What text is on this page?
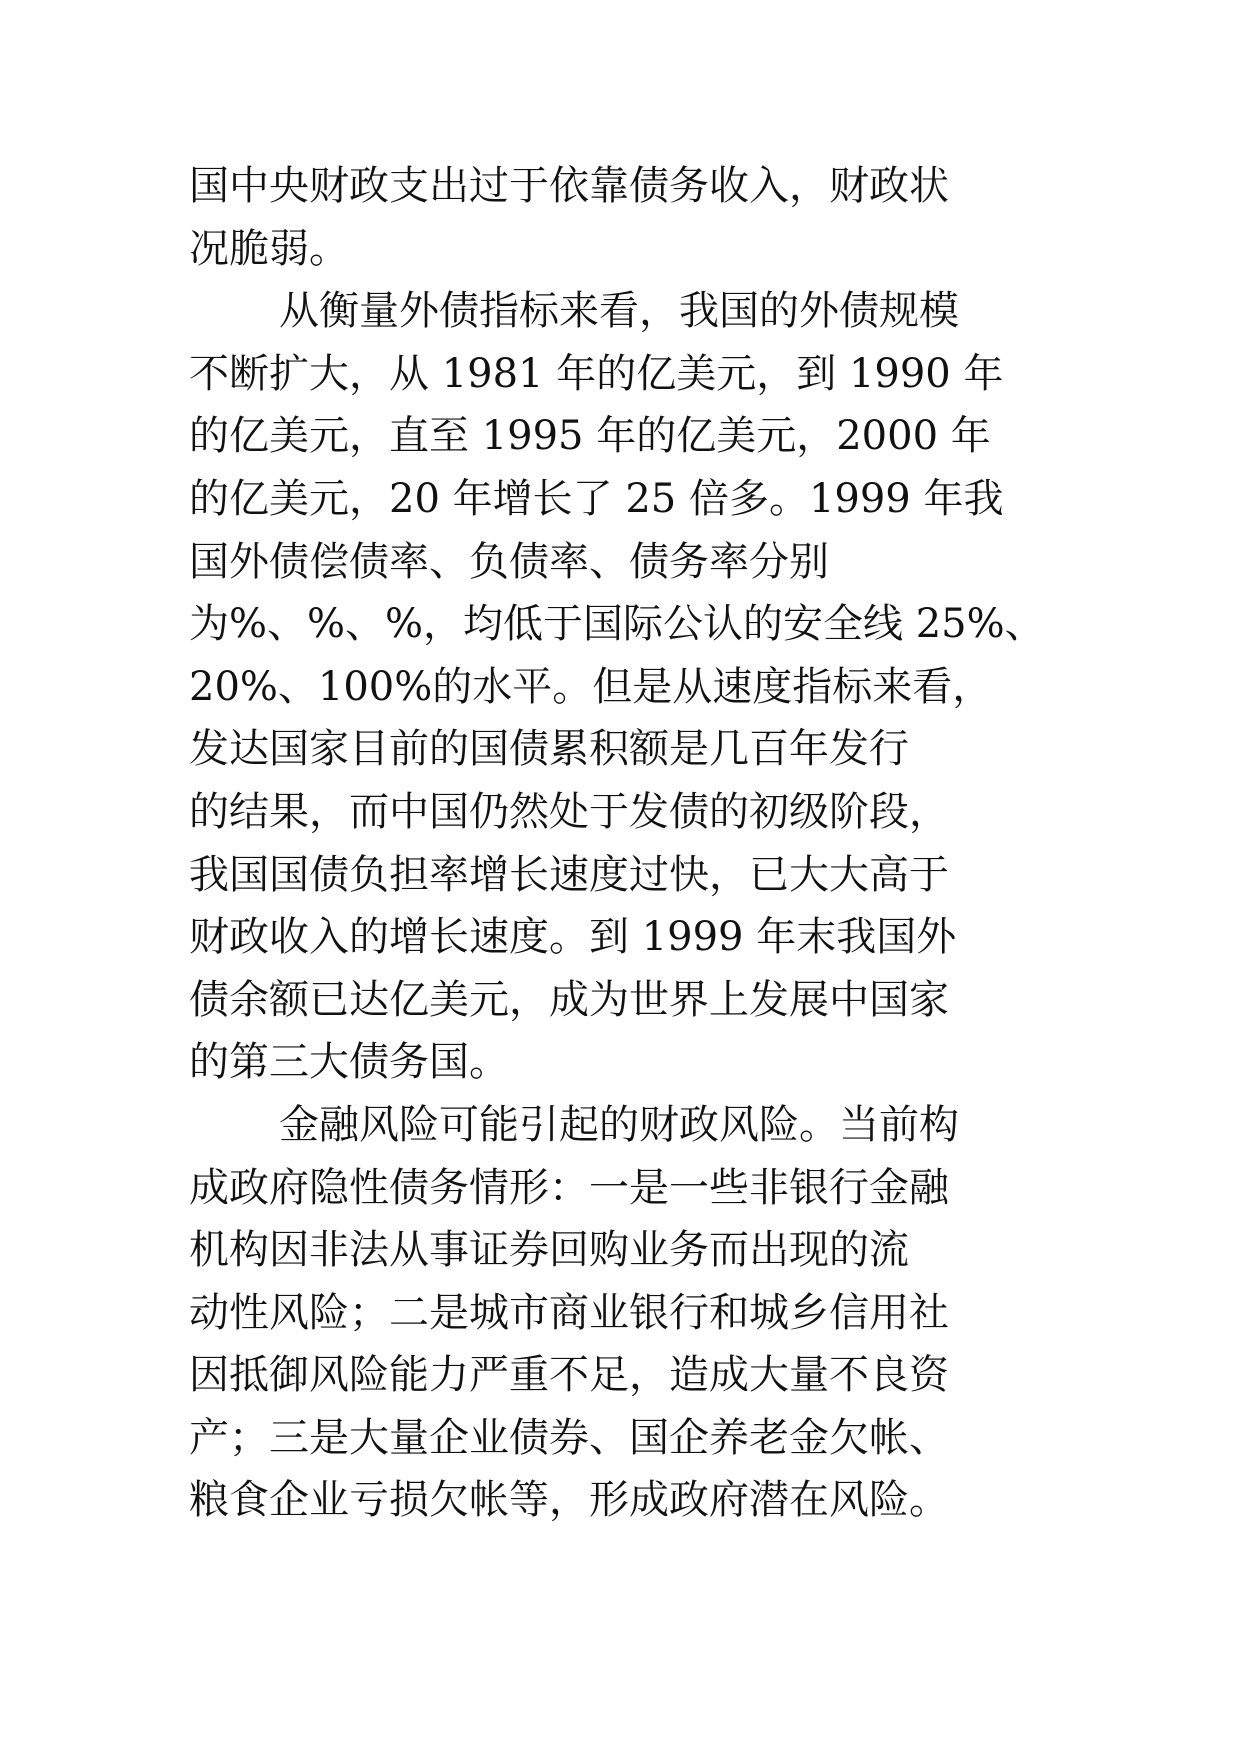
国中央财政支出过于依靠债务收入，财政状
况脆弱。
从衡量外债指标来看，我国的外债规模
不断扩大，从 1981 年的亿美元，到 1990 年
的亿美元，直至 1995 年的亿美元，2000 年
的亿美元，20 年增长了 25 倍多。1999 年我
国外债偿债率、负债率、债务率分别
为%、%、%，均低于国际公认的安全线 25%、
20%、100%的水平。但是从速度指标来看，
发达国家目前的国债累积额是几百年发行
的结果，而中国仍然处于发债的初级阶段，
我国国债负担率增长速度过快，已大大高于
财政收入的增长速度。到 1999 年末我国外
债余额已达亿美元，成为世界上发展中国家
的第三大债务国。
金融风险可能引起的财政风险。当前构
成政府隐性债务情形：一是一些非银行金融
机构因非法从事证券回购业务而出现的流
动性风险；二是城市商业银行和城乡信用社
因抵御风险能力严重不足，造成大量不良资
产；三是大量企业债券、国企养老金欠帐、
粮食企业亏损欠帐等，形成政府潜在风险。
